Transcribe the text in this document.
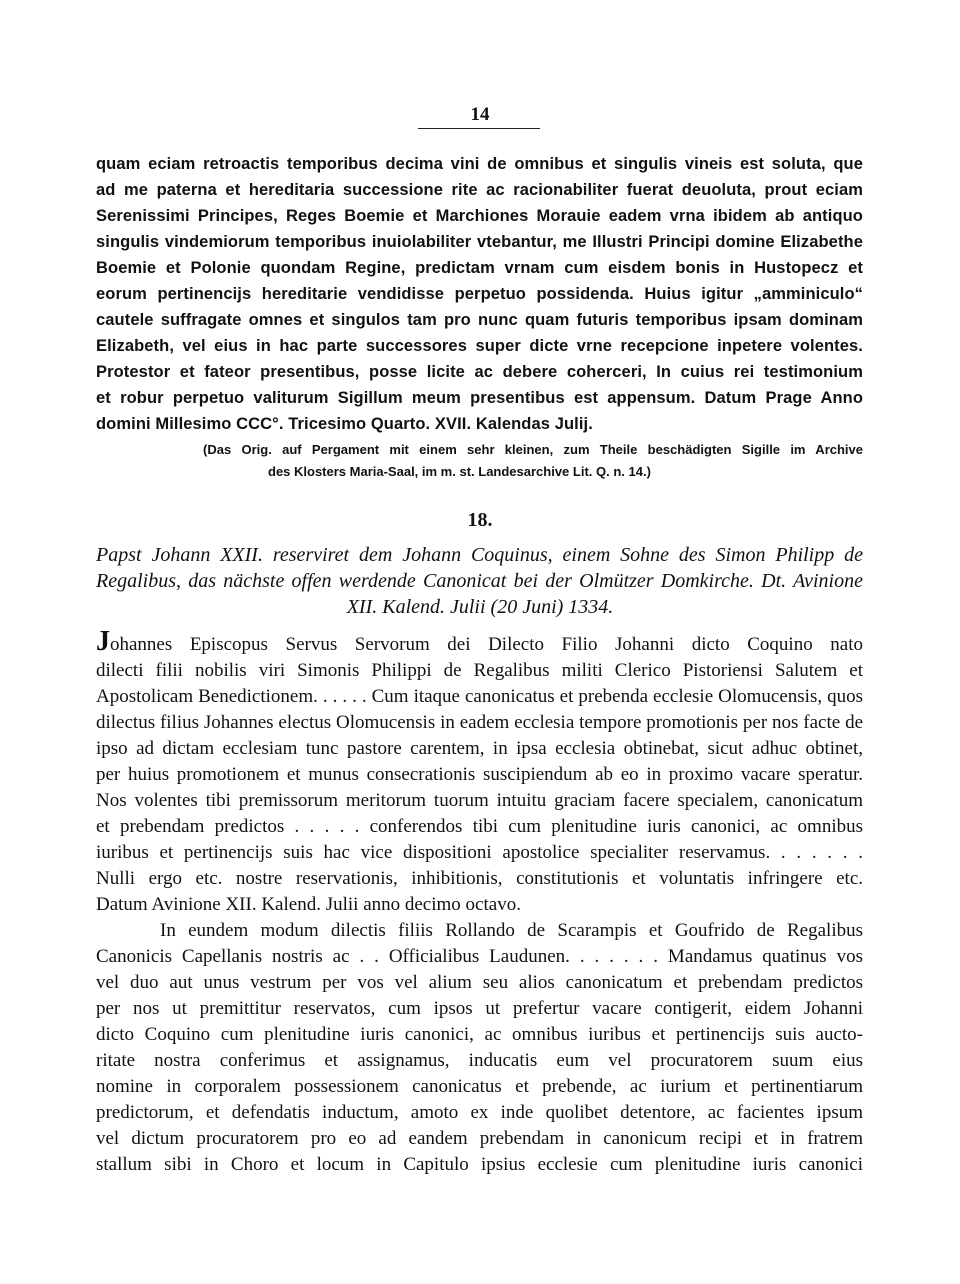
14
quam eciam retroactis temporibus decima vini de omnibus et singulis vineis est soluta, que
ad me paterna et hereditaria successione rite ac racionabiliter fuerat deuoluta, prout eciam
Serenissimi Principes, Reges Boemie et Marchiones Morauie eadem vrna ibidem ab antiquo
singulis vindemiorum temporibus inuiolabiliter vtebantur, me Illustri Principi domine Elizabethe
Boemie et Polonie quondam Regine, predictam vrnam cum eisdem bonis in Hustopecz et
eorum pertinencijs hereditarie vendidisse perpetuo possidenda. Huius igitur „amminiculo“
cautele suffragate omnes et singulos tam pro nunc quam futuris temporibus ipsam dominam
Elizabeth, vel eius in hac parte successores super dicte vrne recepcione inpetere volentes.
Protestor et fateor presentibus, posse licite ac debere coherceri, In cuius rei testimonium
et robur perpetuo valiturum Sigillum meum presentibus est appensum. Datum Prage Anno
domini Millesimo CCC°. Tricesimo Quarto. XVII. Kalendas Julij.
(Das Orig. auf Pergament mit einem sehr kleinen, zum Theile beschädigten Sigille im Archive
des Klosters Maria-Saal, im m. st. Landesarchive Lit. Q. n. 14.)
18.
Papst Johann XXII. reserviret dem Johann Coquinus, einem Sohne des Simon Philipp de
Regalibus, das nächste offen werdende Canonicat bei der Olmützer Domkirche. Dt. Avinione
XII. Kalend. Julii (20 Juni) 1334.
Johannes Episcopus Servus Servorum dei Dilecto Filio Johanni dicto Coquino nato
dilecti filii nobilis viri Simonis Philippi de Regalibus militi Clerico Pistoriensi Salutem et
Apostolicam Benedictionem. . . . . . Cum itaque canonicatus et prebenda ecclesie Olomucensis, quos
dilectus filius Johannes electus Olomucensis in eadem ecclesia tempore promotionis per nos facte de
ipso ad dictam ecclesiam tunc pastore carentem, in ipsa ecclesia obtinebat, sicut adhuc obtinet,
per huius promotionem et munus consecrationis suscipiendum ab eo in proximo vacare speratur.
Nos volentes tibi premissorum meritorum tuorum intuitu graciam facere specialem, canonicatum
et prebendam predictos . . . . . conferendos tibi cum plenitudine iuris canonici, ac omnibus
iuribus et pertinencijs suis hac vice dispositioni apostolice specialiter reservamus. . . . . . .
Nulli ergo etc. nostre reservationis, inhibitionis, constitutionis et voluntatis infringere etc.
Datum Avinione XII. Kalend. Julii anno decimo octavo.
In eundem modum dilectis filiis Rollando de Scarampis et Goufrido de Regalibus
Canonicis Capellanis nostris ac . . Officialibus Laudunen. . . . . . . Mandamus quatinus vos
vel duo aut unus vestrum per vos vel alium seu alios canonicatum et prebendam predictos
per nos ut premittitur reservatos, cum ipsos ut prefertur vacare contigerit, eidem Johanni
dicto Coquino cum plenitudine iuris canonici, ac omnibus iuribus et pertinencijs suis aucto-
ritate nostra conferimus et assignamus, inducatis eum vel procuratorem suum eius
nomine in corporalem possessionem canonicatus et prebende, ac iurium et pertinentiarum
predictorum, et defendatis inductum, amoto ex inde quolibet detentore, ac facientes ipsum
vel dictum procuratorem pro eo ad eandem prebendam in canonicum recipi et in fratrem
stallum sibi in Choro et locum in Capitulo ipsius ecclesie cum plenitudine iuris canonici
